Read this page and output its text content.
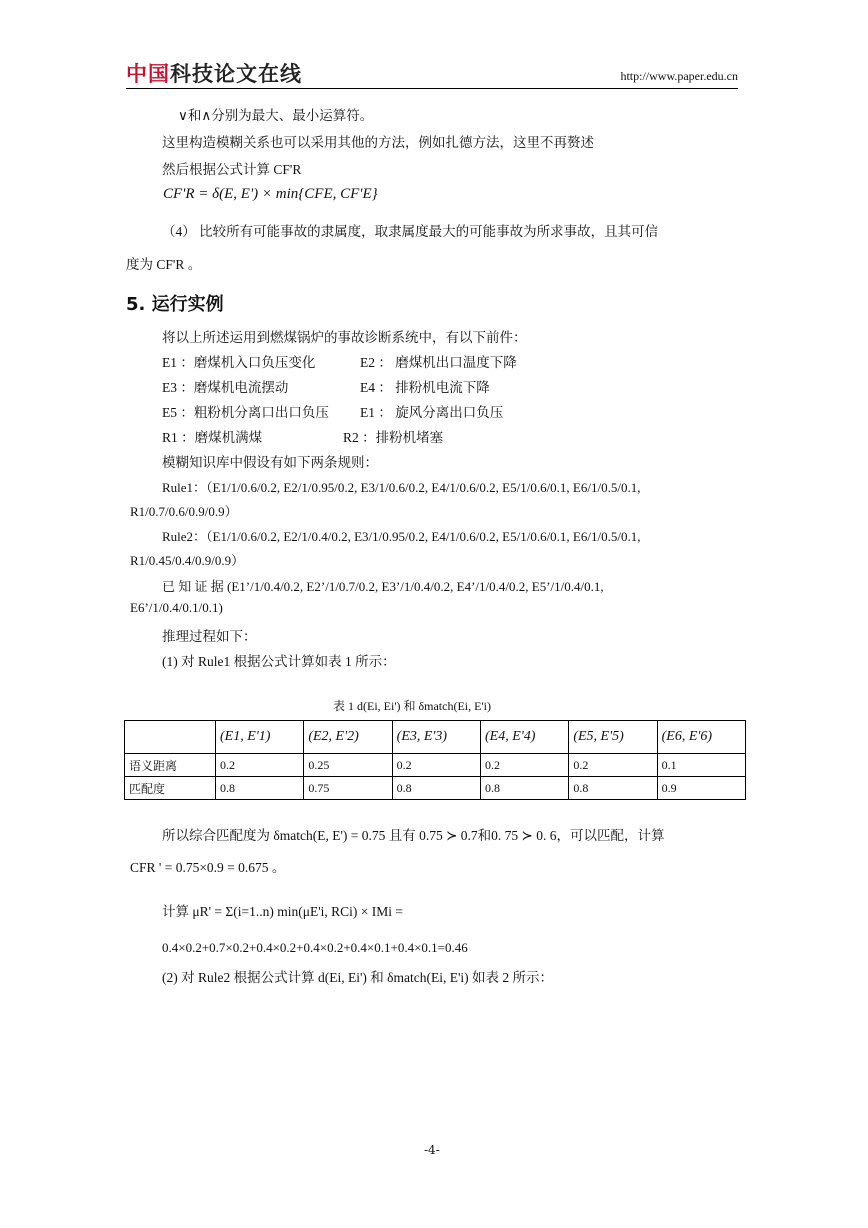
中国科技论文在线	http://www.paper.edu.cn
∨和∧分别为最大、最小运算符。
这里构造模糊关系也可以采用其他的方法，例如扎德方法，这里不再赘述
然后根据公式计算 CF'R
CF'R = δ(E, E') × min{CFE, CF'E}
（4） 比较所有可能事故的隶属度，取隶属度最大的可能事故为所求事故，且其可信
度为 CF'R 。
5. 运行实例
将以上所述运用到燃煤锅炉的事故诊断系统中，有以下前件：
E1 ：磨煤机入口负压变化	E2 ： 磨煤机出口温度下降
E3 ：磨煤机电流摆动	E4 ： 排粉机电流下降
E5 ：粗粉机分离口出口负压 E1 ： 旋风分离出口负压
R1 ：磨煤机满煤	R2 ：排粉机堵塞
模糊知识库中假设有如下两条规则：
Rule1：（E1/1/0.6/0.2, E2/1/0.95/0.2, E3/1/0.6/0.2, E4/1/0.6/0.2, E5/1/0.6/0.1, E6/1/0.5/0.1,
R1/0.7/0.6/0.9/0.9）
Rule2：（E1/1/0.6/0.2, E2/1/0.4/0.2, E3/1/0.95/0.2, E4/1/0.6/0.2, E5/1/0.6/0.1, E6/1/0.5/0.1,
R1/0.45/0.4/0.9/0.9）
已 知 证 据 (E1’/1/0.4/0.2, E2’/1/0.7/0.2, E3’/1/0.4/0.2, E4’/1/0.4/0.2, E5’/1/0.4/0.1,
E6’/1/0.4/0.1/0.1)
推理过程如下：
(1) 对 Rule1 根据公式计算如表 1 所示：
表 1 d(Ei, Ei') 和 δmatch(Ei, E'i)
	(E1, E'1)	(E2, E'2)	(E3, E'3)	(E4, E'4)	(E5, E'5)	(E6, E'6)
语义距离	0.2	0.25	0.2	0.2	0.2	0.1
匹配度	0.8	0.75	0.8	0.8	0.8	0.9
所以综合匹配度为 δmatch(E, E') = 0.75 且有 0.75 ≻ 0.7和0. 75 ≻ 0. 6，可以匹配，计算
CFR ' = 0.75×0.9 = 0.675 。
计算 μR' = Σ(i=1..n) min(μE'i, RCi) × IMi =
0.4×0.2+0.7×0.2+0.4×0.2+0.4×0.2+0.4×0.1+0.4×0.1=0.46
(2) 对 Rule2 根据公式计算 d(Ei, Ei') 和 δmatch(Ei, E'i) 如表 2 所示：
-4-
